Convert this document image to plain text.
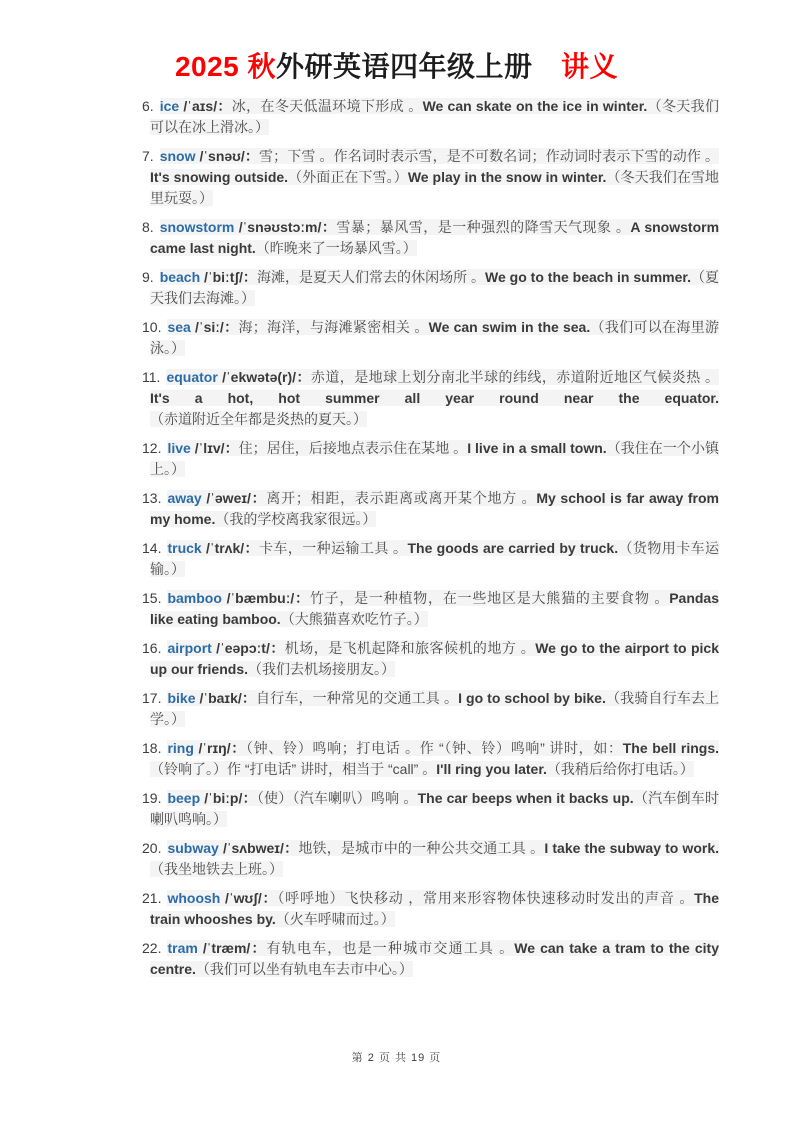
2025 秋外研英语四年级上册　讲义
6. ice /ˈaɪs/：冰，在冬天低温环境下形成 。We can skate on the ice in winter.（冬天我们可以在冰上滑冰。）
7. snow /ˈsnəʊ/：雪；下雪 。作名词时表示雪，是不可数名词；作动词时表示下雪的动作 。It's snowing outside.（外面正在下雪。）We play in the snow in winter.（冬天我们在雪地里玩耍。）
8. snowstorm /ˈsnəʊstɔːm/：雪暴；暴风雪，是一种强烈的降雪天气现象 。A snowstorm came last night.（昨晚来了一场暴风雪。）
9. beach /ˈbiːtʃ/：海滩，是夏天人们常去的休闲场所 。We go to the beach in summer.（夏天我们去海滩。）
10. sea /ˈsiː/：海；海洋，与海滩紧密相关 。We can swim in the sea.（我们可以在海里游泳。）
11. equator /ˈekwətə(r)/：赤道，是地球上划分南北半球的纬线，赤道附近地区气候炎热 。It's a hot, hot summer all year round near the equator.（赤道附近全年都是炎热的夏天。）
12. live /ˈlɪv/：住；居住，后接地点表示住在某地 。I live in a small town.（我住在一个小镇上。）
13. away /ˈəweɪ/：离开；相距，表示距离或离开某个地方 。My school is far away from my home.（我的学校离我家很远。）
14. truck /ˈtrʌk/：卡车，一种运输工具 。The goods are carried by truck.（货物用卡车运输。）
15. bamboo /ˈbæmbuː/：竹子，是一种植物，在一些地区是大熊猫的主要食物 。Pandas like eating bamboo.（大熊猫喜欢吃竹子。）
16. airport /ˈeəpɔːt/：机场，是飞机起降和旅客候机的地方 。We go to the airport to pick up our friends.（我们去机场接朋友。）
17. bike /ˈbaɪk/：自行车，一种常见的交通工具 。I go to school by bike.（我骑自行车去上学。）
18. ring /ˈrɪŋ/：（钟、铃）鸣响；打电话 。作 “（钟、铃）鸣响” 讲时，如：The bell rings.（铃响了。）作 “打电话” 讲时，相当于 “call” 。I'll ring you later.（我稍后给你打电话。）
19. beep /ˈbiːp/：（使）（汽车喇叭）鸣响 。The car beeps when it backs up.（汽车倒车时喇叭鸣响。）
20. subway /ˈsʌbweɪ/：地铁，是城市中的一种公共交通工具 。I take the subway to work.（我坐地铁去上班。）
21. whoosh /ˈwʊʃ/：（呼呼地）飞快移动 ，常用来形容物体快速移动时发出的声音 。The train whooshes by.（火车呼啸而过。）
22. tram /ˈtræm/：有轨电车，也是一种城市交通工具 。We can take a tram to the city centre.（我们可以坐有轨电车去市中心。）
第 2 页 共 19 页
